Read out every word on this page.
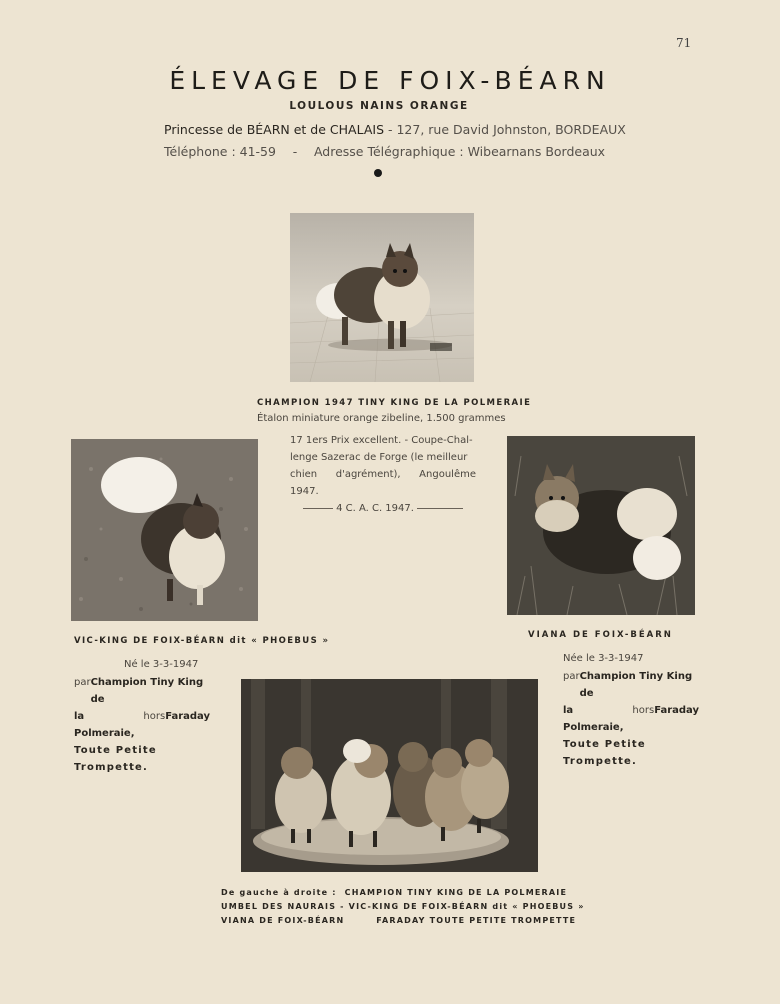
71
ÉLEVAGE DE FOIX-BÉARN
LOULOUS NAINS ORANGE
Princesse de BÉARN et de CHALAIS - 127, rue David Johnston, BORDEAUX
Téléphone : 41-59 - Adresse Télégraphique : Wibearnans Bordeaux
CHAMPION 1947 TINY KING DE LA POLMERAIE
Étalon miniature orange zibeline, 1.500 grammes
17 1ers Prix excellent. - Coupe-Chal-
lenge Sazerac de Forge (le meilleur
chien d'agrément), Angoulême 1947.
4 C. A. C. 1947.
VIC-KING DE FOIX-BÉARN dit « PHOEBUS »
Né le 3-3-1947
par Champion Tiny King de
la Polmeraie,
hors Faraday
Toute Petite Trompette.
VIANA DE FOIX-BÉARN
Née le 3-3-1947
par Champion Tiny King de
la Polmeraie,
hors Faraday
Toute Petite Trompette.
De gauche à droite :  CHAMPION TINY KING DE LA POLMERAIE
UMBEL DES NAURAIS - VIC-KING DE FOIX-BÉARN dit « PHOEBUS »
VIANA DE FOIX-BÉARN        FARADAY TOUTE PETITE TROMPETTE
